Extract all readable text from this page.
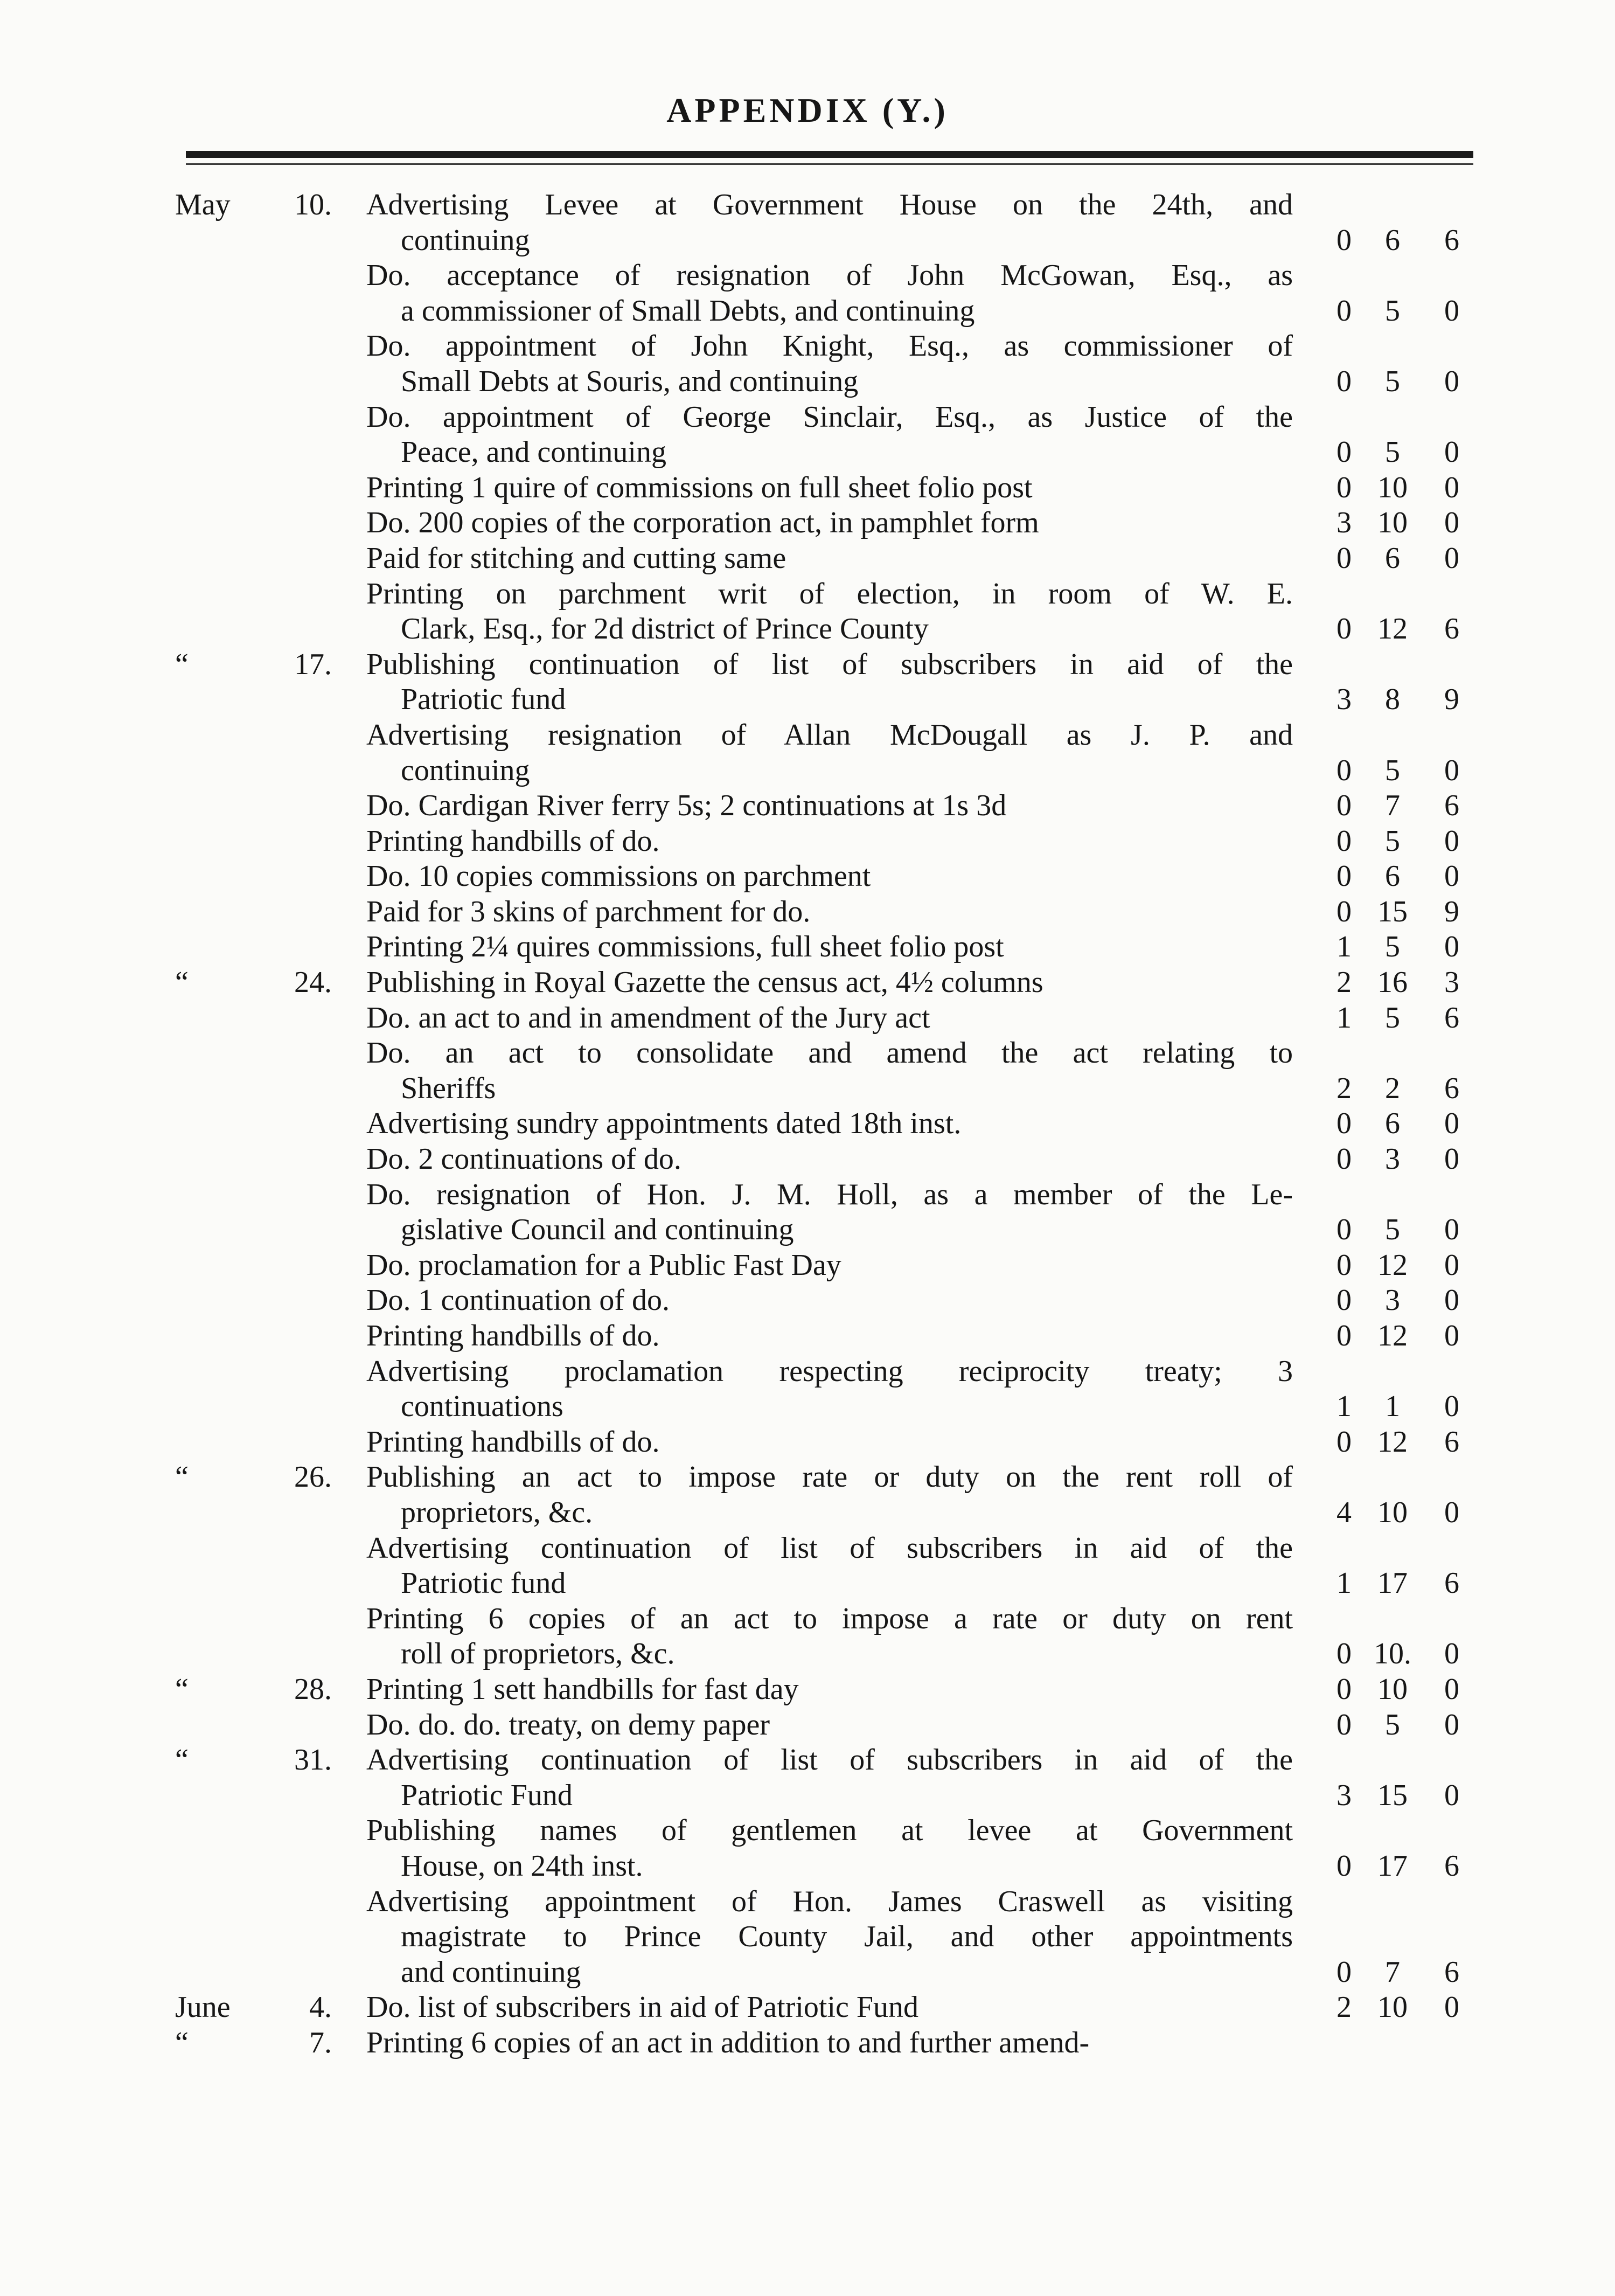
APPENDIX (Y.)
May 10. Advertising Levee at Government House on the 24th, and
continuing	0	6	6
Do. acceptance of resignation of John McGowan, Esq., as
a commissioner of Small Debts, and continuing	0	5	0
Do. appointment of John Knight, Esq., as commissioner of
Small Debts at Souris, and continuing	0	5	0
Do. appointment of George Sinclair, Esq., as Justice of the
Peace, and continuing	0	5	0
Printing 1 quire of commissions on full sheet folio post	0 10	0
Do. 200 copies of the corporation act, in pamphlet form	3 10	0
Paid for stitching and cutting same	0	6	0
Printing on parchment writ of election, in room of W. E.
Clark, Esq., for 2d district of Prince County	0 12	6
“	17. Publishing continuation of list of subscribers in aid of the
Patriotic fund	3	8	9
Advertising resignation of Allan McDougall as J. P. and
continuing	0	5	0
Do. Cardigan River ferry 5s; 2 continuations at 1s 3d	0	7	6
Printing handbills of do.	0	5	0
Do. 10 copies commissions on parchment	0	6	0
Paid for 3 skins of parchment for do.	0 15	9
Printing 2¼ quires commissions, full sheet folio post	1	5	0
“	24. Publishing in Royal Gazette the census act, 4½ columns	2 16	3
Do. an act to and in amendment of the Jury act	1	5	6
Do. an act to consolidate and amend the act relating to
Sheriffs	2	2	6
Advertising sundry appointments dated 18th inst.	0	6	0
Do. 2 continuations of do.	0	3	0
Do. resignation of Hon. J. M. Holl, as a member of the Le-
gislative Council and continuing	0	5	0
Do. proclamation for a Public Fast Day	0 12	0
Do. 1 continuation of do.	0	3	0
Printing handbills of do.	0 12	0
Advertising proclamation respecting reciprocity treaty; 3
continuations	1	1	0
Printing handbills of do.	0 12	6
“	26. Publishing an act to impose rate or duty on the rent roll of
proprietors, &c.	4 10	0
Advertising continuation of list of subscribers in aid of the
Patriotic fund	1 17	6
Printing 6 copies of an act to impose a rate or duty on rent
roll of proprietors, &c.	0 10.	0
“	28. Printing 1 sett handbills for fast day	0 10	0
Do. do. do. treaty, on demy paper	0	5	0
“	31. Advertising continuation of list of subscribers in aid of the
Patriotic Fund	3 15	0
Publishing names of gentlemen at levee at Government
House, on 24th inst.	0 17	6
Advertising appointment of Hon. James Craswell as visiting
magistrate to Prince County Jail, and other appointments
and continuing	0	7	6
June	4. Do. list of subscribers in aid of Patriotic Fund	2 10	0
“	7. Printing 6 copies of an act in addition to and further amend-
